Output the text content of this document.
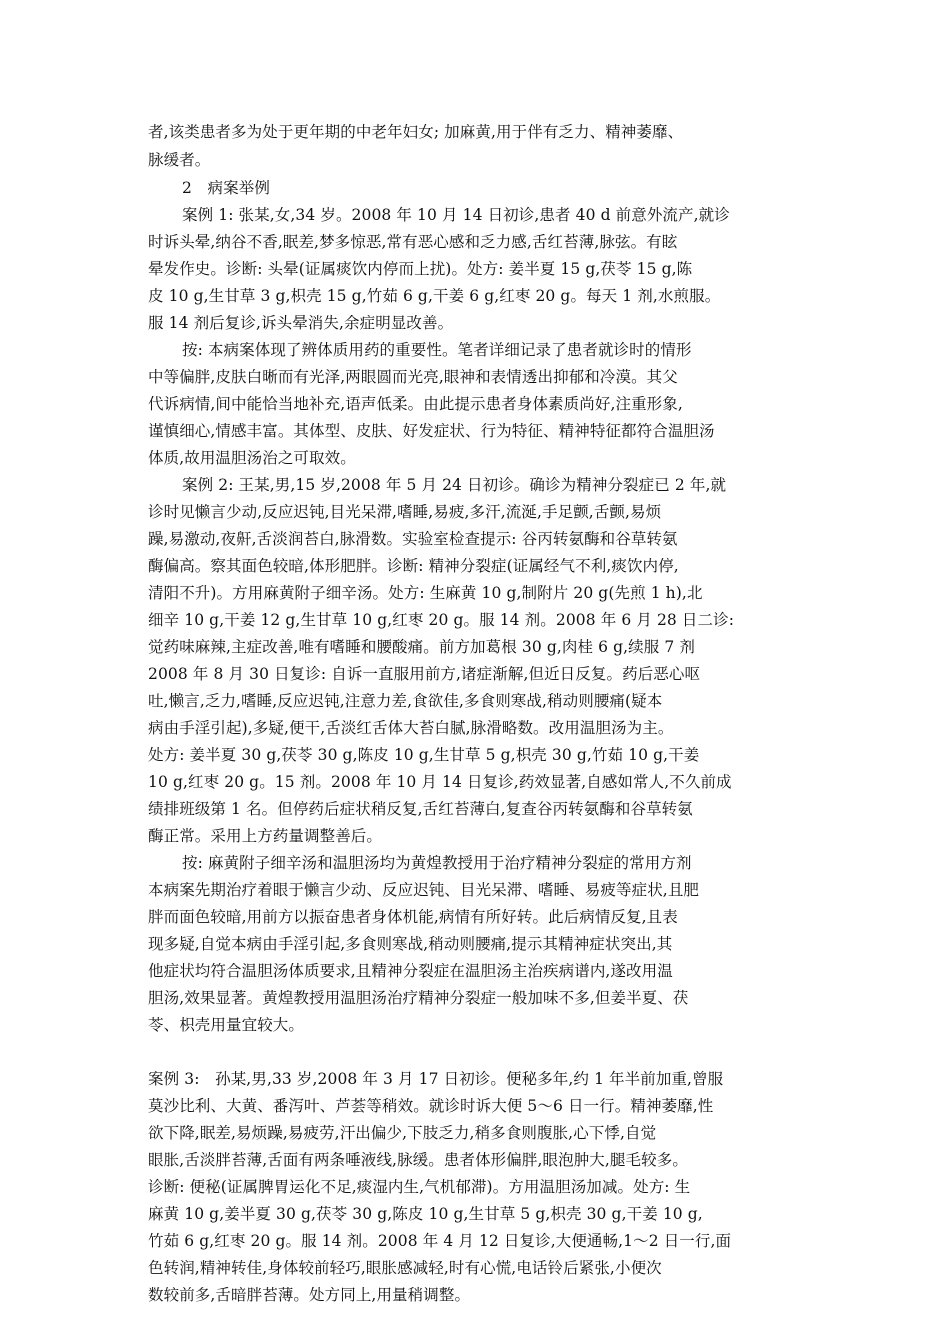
者,该类患者多为处于更年期的中老年妇女; 加麻黄,用于伴有乏力、精神萎靡、
脉缓者。
2　病案举例
案例 1: 张某,女,34 岁。2008 年 10 月 14 日初诊,患者 40 d 前意外流产,就诊
时诉头晕,纳谷不香,眠差,梦多惊恶,常有恶心感和乏力感,舌红苔薄,脉弦。有眩
晕发作史。诊断: 头晕(证属痰饮内停而上扰)。处方: 姜半夏 15 g,茯苓 15 g,陈
皮 10 g,生甘草 3 g,枳壳 15 g,竹茹 6 g,干姜 6 g,红枣 20 g。每天 1 剂,水煎服。
服 14 剂后复诊,诉头晕消失,余症明显改善。
按: 本病案体现了辨体质用药的重要性。笔者详细记录了患者就诊时的情形
中等偏胖,皮肤白晰而有光泽,两眼圆而光亮,眼神和表情透出抑郁和冷漠。其父
代诉病情,间中能恰当地补充,语声低柔。由此提示患者身体素质尚好,注重形象,
谨慎细心,情感丰富。其体型、皮肤、好发症状、行为特征、精神特征都符合温胆汤
体质,故用温胆汤治之可取效。
案例 2: 王某,男,15 岁,2008 年 5 月 24 日初诊。确诊为精神分裂症已 2 年,就
诊时见懒言少动,反应迟钝,目光呆滞,嗜睡,易疲,多汗,流涎,手足颤,舌颤,易烦
躁,易激动,夜鼾,舌淡润苔白,脉滑数。实验室检查提示: 谷丙转氨酶和谷草转氨
酶偏高。察其面色较暗,体形肥胖。诊断: 精神分裂症(证属经气不利,痰饮内停,
清阳不升)。方用麻黄附子细辛汤。处方: 生麻黄 10 g,制附片 20 g(先煎 1 h),北
细辛 10 g,干姜 12 g,生甘草 10 g,红枣 20 g。服 14 剂。2008 年 6 月 28 日二诊:
觉药味麻辣,主症改善,唯有嗜睡和腰酸痛。前方加葛根 30 g,肉桂 6 g,续服 7 剂
2008 年 8 月 30 日复诊: 自诉一直服用前方,诸症渐解,但近日反复。药后恶心呕
吐,懒言,乏力,嗜睡,反应迟钝,注意力差,食欲佳,多食则寒战,稍动则腰痛(疑本
病由手淫引起),多疑,便干,舌淡红舌体大苔白腻,脉滑略数。改用温胆汤为主。
处方: 姜半夏 30 g,茯苓 30 g,陈皮 10 g,生甘草 5 g,枳壳 30 g,竹茹 10 g,干姜
10 g,红枣 20 g。15 剂。2008 年 10 月 14 日复诊,药效显著,自感如常人,不久前成
绩排班级第 1 名。但停药后症状稍反复,舌红苔薄白,复查谷丙转氨酶和谷草转氨
酶正常。采用上方药量调整善后。
按: 麻黄附子细辛汤和温胆汤均为黄煌教授用于治疗精神分裂症的常用方剂
本病案先期治疗着眼于懒言少动、反应迟钝、目光呆滞、嗜睡、易疲等症状,且肥
胖而面色较暗,用前方以振奋患者身体机能,病情有所好转。此后病情反复,且表
现多疑,自觉本病由手淫引起,多食则寒战,稍动则腰痛,提示其精神症状突出,其
他症状均符合温胆汤体质要求,且精神分裂症在温胆汤主治疾病谱内,遂改用温
胆汤,效果显著。黄煌教授用温胆汤治疗精神分裂症一般加味不多,但姜半夏、茯
苓、枳壳用量宜较大。
案例 3:　孙某,男,33 岁,2008 年 3 月 17 日初诊。便秘多年,约 1 年半前加重,曾服
莫沙比利、大黄、番泻叶、芦荟等稍效。就诊时诉大便 5～6 日一行。精神萎靡,性
欲下降,眠差,易烦躁,易疲劳,汗出偏少,下肢乏力,稍多食则腹胀,心下悸,自觉
眼胀,舌淡胖苔薄,舌面有两条唾液线,脉缓。患者体形偏胖,眼泡肿大,腿毛较多。
诊断: 便秘(证属脾胃运化不足,痰湿内生,气机郁滞)。方用温胆汤加减。处方: 生
麻黄 10 g,姜半夏 30 g,茯苓 30 g,陈皮 10 g,生甘草 5 g,枳壳 30 g,干姜 10 g,
竹茹 6 g,红枣 20 g。服 14 剂。2008 年 4 月 12 日复诊,大便通畅,1～2 日一行,面
色转润,精神转佳,身体较前轻巧,眼胀感减轻,时有心慌,电话铃后紧张,小便次
数较前多,舌暗胖苔薄。处方同上,用量稍调整。
